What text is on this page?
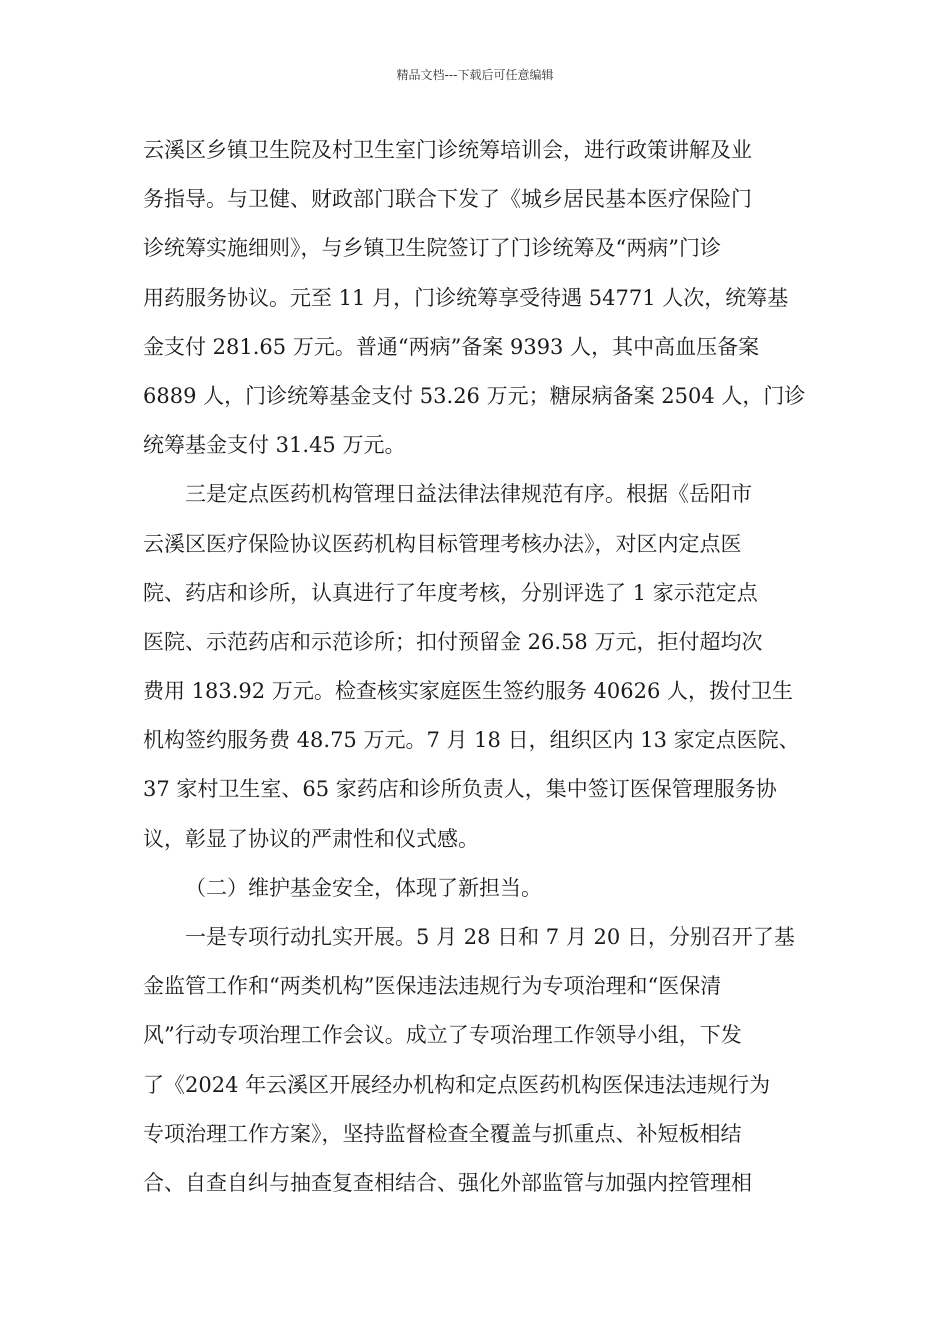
精品文档---下载后可任意编辑
云溪区乡镇卫生院及村卫生室门诊统筹培训会，进行政策讲解及业
务指导。与卫健、财政部门联合下发了《城乡居民基本医疗保险门
诊统筹实施细则》，与乡镇卫生院签订了门诊统筹及“两病”门诊
用药服务协议。元至 11 月，门诊统筹享受待遇 54771 人次，统筹基
金支付 281.65 万元。普通“两病”备案 9393 人，其中高血压备案
6889 人，门诊统筹基金支付 53.26 万元；糖尿病备案 2504 人，门诊
统筹基金支付 31.45 万元。
三是定点医药机构管理日益法律法律规范有序。根据《岳阳市
云溪区医疗保险协议医药机构目标管理考核办法》，对区内定点医
院、药店和诊所，认真进行了年度考核，分别评选了 1 家示范定点
医院、示范药店和示范诊所；扣付预留金 26.58 万元，拒付超均次
费用 183.92 万元。检查核实家庭医生签约服务 40626 人，拨付卫生
机构签约服务费 48.75 万元。7 月 18 日，组织区内 13 家定点医院、
37 家村卫生室、65 家药店和诊所负责人，集中签订医保管理服务协
议，彰显了协议的严肃性和仪式感。
（二）维护基金安全，体现了新担当。
一是专项行动扎实开展。5 月 28 日和 7 月 20 日，分别召开了基
金监管工作和“两类机构”医保违法违规行为专项治理和“医保清
风”行动专项治理工作会议。成立了专项治理工作领导小组，下发
了《2024 年云溪区开展经办机构和定点医药机构医保违法违规行为
专项治理工作方案》，坚持监督检查全覆盖与抓重点、补短板相结
合、自查自纠与抽查复查相结合、强化外部监管与加强内控管理相
